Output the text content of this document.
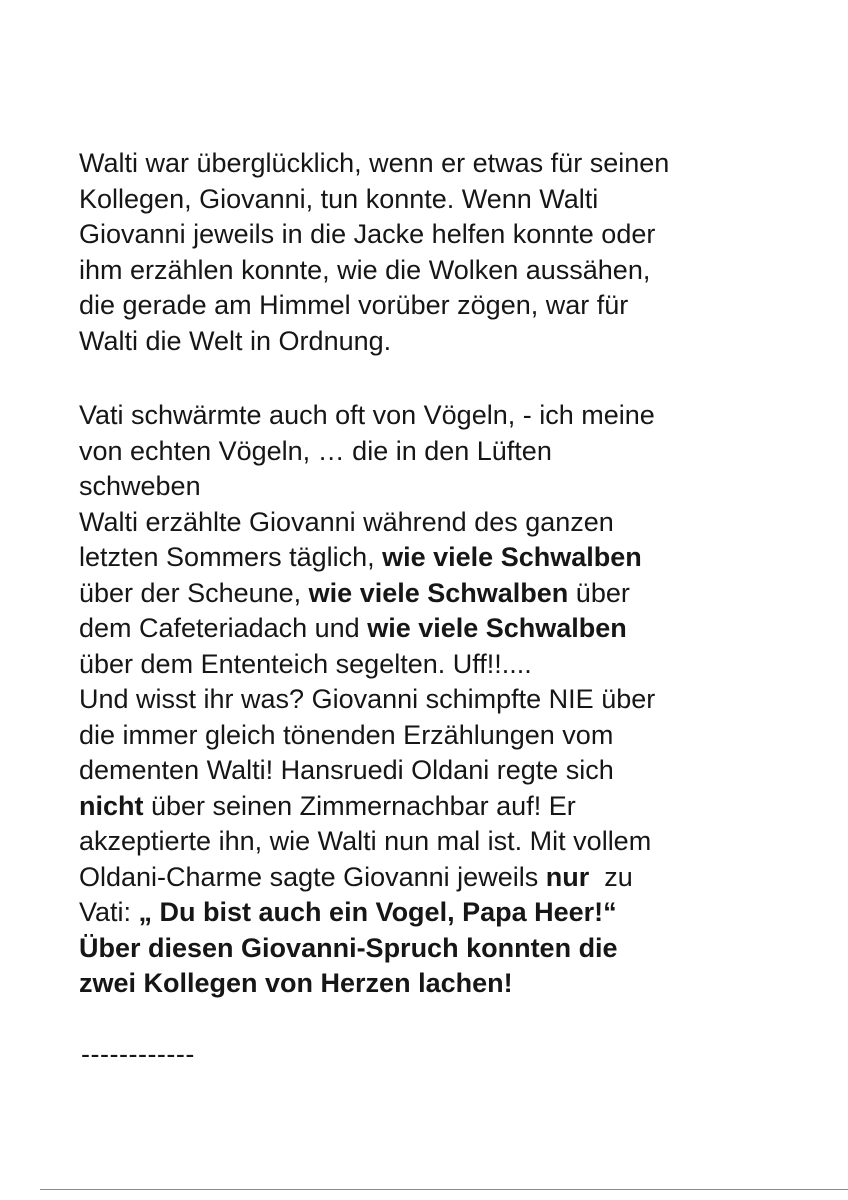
Walti war überglücklich, wenn er etwas für seinen
Kollegen, Giovanni, tun konnte. Wenn Walti
Giovanni jeweils in die Jacke helfen konnte oder
ihm erzählen konnte, wie die Wolken aussähen,
die gerade am Himmel vorüber zögen, war für
Walti die Welt in Ordnung.
Vati schwärmte auch oft von Vögeln, - ich meine
von echten Vögeln, … die in den Lüften
schweben
Walti erzählte Giovanni während des ganzen
letzten Sommers täglich, wie viele Schwalben
über der Scheune, wie viele Schwalben über
dem Cafeteriadach und wie viele Schwalben
über dem Ententeich segelten. Uff!!....
Und wisst ihr was? Giovanni schimpfte NIE über
die immer gleich tönenden Erzählungen vom
dementen Walti! Hansruedi Oldani regte sich
nicht über seinen Zimmernachbar auf! Er
akzeptierte ihn, wie Walti nun mal ist. Mit vollem
Oldani-Charme sagte Giovanni jeweils nur  zu
Vati: „ Du bist auch ein Vogel, Papa Heer!“
Über diesen Giovanni-Spruch konnten die
zwei Kollegen von Herzen lachen!
------------
